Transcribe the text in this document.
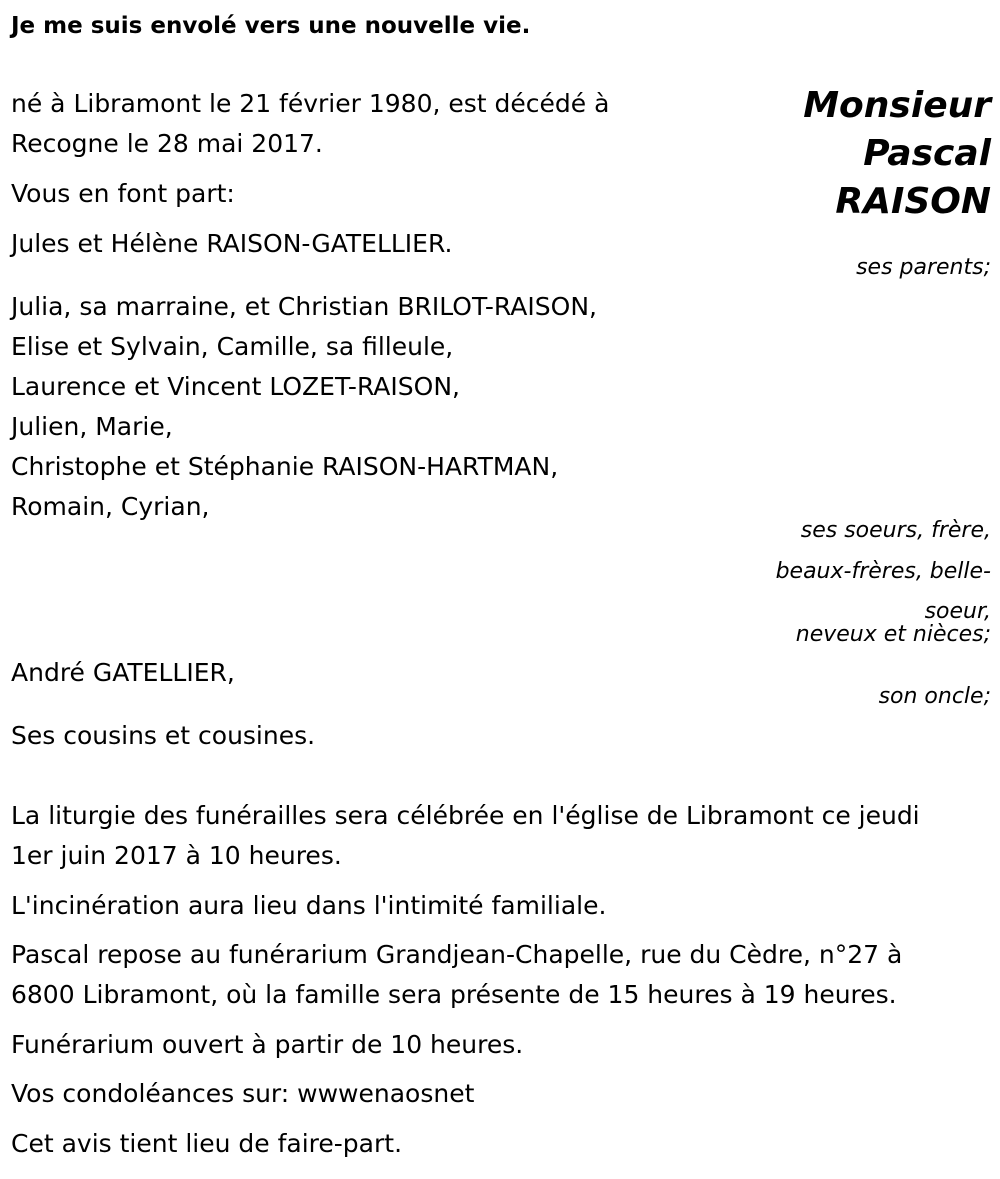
Je me suis envolé vers une nouvelle vie.
Monsieur
Pascal
RAISON
né à Libramont le 21 février 1980, est décédé à
Recogne le 28 mai 2017.
Vous en font part:
Jules et Hélène RAISON-GATELLIER.
ses parents;
Julia, sa marraine, et Christian BRILOT-RAISON,
Elise et Sylvain, Camille, sa filleule,
Laurence et Vincent LOZET-RAISON,
Julien, Marie,
Christophe et Stéphanie RAISON-HARTMAN,
Romain, Cyrian,
ses soeurs, frère,
beaux-frères, belle-
soeur,
neveux et nièces;
André GATELLIER,
son oncle;
Ses cousins et cousines.
La liturgie des funérailles sera célébrée en l'église de Libramont ce jeudi
1er juin 2017 à 10 heures.
L'incinération aura lieu dans l'intimité familiale.
Pascal repose au funérarium Grandjean-Chapelle, rue du Cèdre, n°27 à
6800 Libramont, où la famille sera présente de 15 heures à 19 heures.
Funérarium ouvert à partir de 10 heures.
Vos condoléances sur: wwwenaosnet
Cet avis tient lieu de faire-part.
